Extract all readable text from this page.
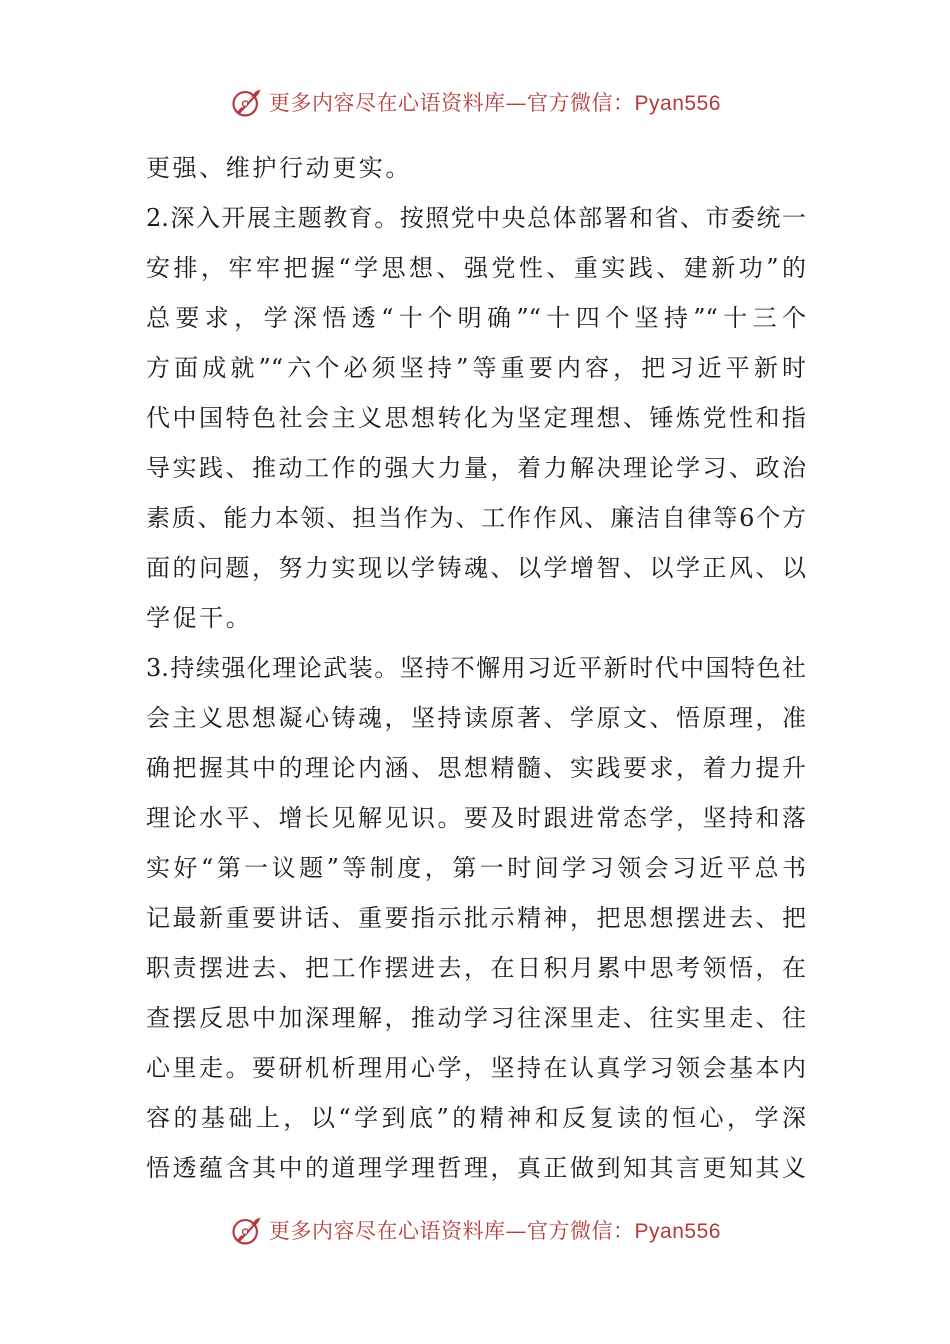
更多内容尽在心语资料库—官方微信：Pyan556
更强、维护行动更实。
2.深入开展主题教育。按照党中央总体部署和省、市委统一
安排，牢牢把握“学思想、强党性、重实践、建新功”的
总要求，学深悟透“十个明确”“十四个坚持”“十三个
方面成就”“六个必须坚持”等重要内容，把习近平新时
代中国特色社会主义思想转化为坚定理想、锤炼党性和指
导实践、推动工作的强大力量，着力解决理论学习、政治
素质、能力本领、担当作为、工作作风、廉洁自律等6个方
面的问题，努力实现以学铸魂、以学增智、以学正风、以
学促干。
3.持续强化理论武装。坚持不懈用习近平新时代中国特色社
会主义思想凝心铸魂，坚持读原著、学原文、悟原理，准
确把握其中的理论内涵、思想精髓、实践要求，着力提升
理论水平、增长见解见识。要及时跟进常态学，坚持和落
实好“第一议题”等制度，第一时间学习领会习近平总书
记最新重要讲话、重要指示批示精神，把思想摆进去、把
职责摆进去、把工作摆进去，在日积月累中思考领悟，在
查摆反思中加深理解，推动学习往深里走、往实里走、往
心里走。要研机析理用心学，坚持在认真学习领会基本内
容的基础上，以“学到底”的精神和反复读的恒心，学深
悟透蕴含其中的道理学理哲理，真正做到知其言更知其义
更多内容尽在心语资料库—官方微信：Pyan556
